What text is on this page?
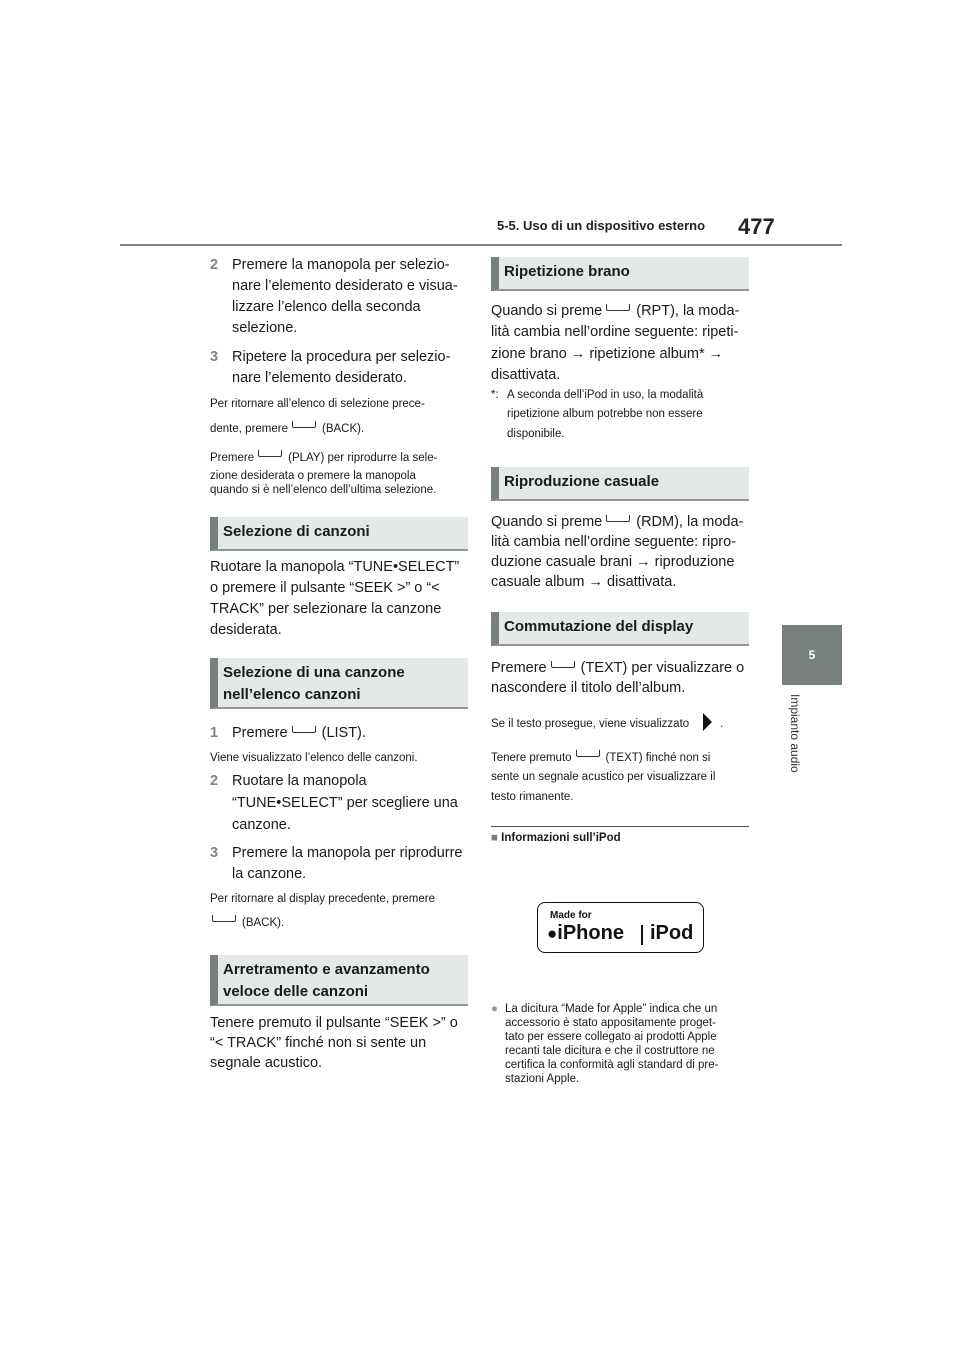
5-5. Uso di un dispositivo esterno 477
5
Impianto audio

2 Premere la manopola per selezio-

nare l’elemento desiderato e visua-

lizzare l’elenco della seconda

selezione.

3 Ripetere la procedura per selezio-

nare l’elemento desiderato.

Per ritornare all’elenco di selezione prece-

dente, premere	(BACK).

Premere	(PLAY) per riprodurre la sele-

zione desiderata o premere la manopola

quando si è nell’elenco dell’ultima selezione.

Selezione di canzoni

Ruotare la manopola “TUNE•SELECT”

o premere il pulsante “SEEK >” o “<

TRACK” per selezionare la canzone

desiderata.

Selezione di una canzone
nell’elenco canzoni

1 Premere (LIST).

Viene visualizzato l’elenco delle canzoni.

2 Ruotare la manopola

“TUNE•SELECT” per scegliere una

canzone.

3 Premere la manopola per riprodurre

la canzone.

Per ritornare al display precedente, premere

(BACK).

Arretramento e avanzamento
veloce delle canzoni

Tenere premuto il pulsante “SEEK >” o

“< TRACK” finché non si sente un

segnale acustico.

Ripetizione brano

Quando si preme (RPT), la moda-

lità cambia nell’ordine seguente: ripeti-

zione brano → ripetizione album* →

disattivata.

*: A seconda dell’iPod in uso, la modalità

ripetizione album potrebbe non essere

disponibile.

Riproduzione casuale

Quando si preme (RDM), la moda-

lità cambia nell’ordine seguente: ripro-

duzione casuale brani → riproduzione

casuale album → disattivata.

Commutazione del display

Premere (TEXT) per visualizzare o

nascondere il titolo dell’album.

Se il testo prosegue, viene visualizzato	.

Tenere premuto	(TEXT) finché non si

sente un segnale acustico per visualizzare il

testo rimanente.

■ Informazioni sull’iPod

● La dicitura “Made for Apple” indica che un

accessorio è stato appositamente proget-

tato per essere collegato ai prodotti Apple

recanti tale dicitura e che il costruttore ne

certifica la conformità agli standard di pre-

stazioni Apple.

Made for
●iPhone iPod
